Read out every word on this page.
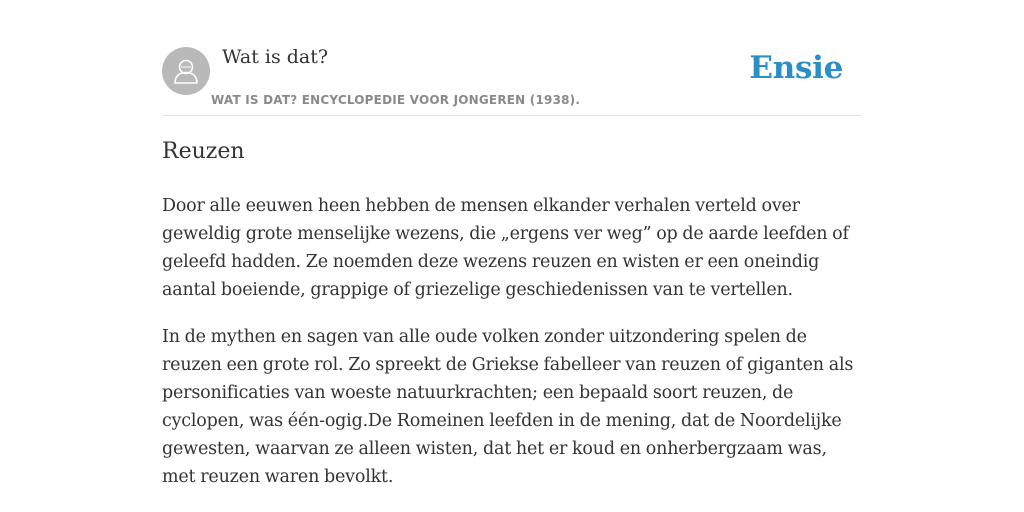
Wat is dat?
WAT IS DAT? ENCYCLOPEDIE VOOR JONGEREN (1938).
Ensie
Reuzen

Door alle eeuwen heen hebben de mensen elkander verhalen verteld over geweldig grote menselijke wezens, die „ergens ver weg” op de aarde leefden of geleefd hadden. Ze noemden deze wezens reuzen en wisten er een oneindig aantal boeiende, grappige of griezelige geschiedenissen van te vertellen.

In de mythen en sagen van alle oude volken zonder uitzondering spelen de reuzen een grote rol. Zo spreekt de Griekse fabelleer van reuzen of giganten als personificaties van woeste natuurkrachten; een bepaald soort reuzen, de cyclopen, was één-ogig.De Romeinen leefden in de mening, dat de Noordelijke gewesten, waarvan ze alleen wisten, dat het er koud en onherbergzaam was, met reuzen waren bevolkt.
